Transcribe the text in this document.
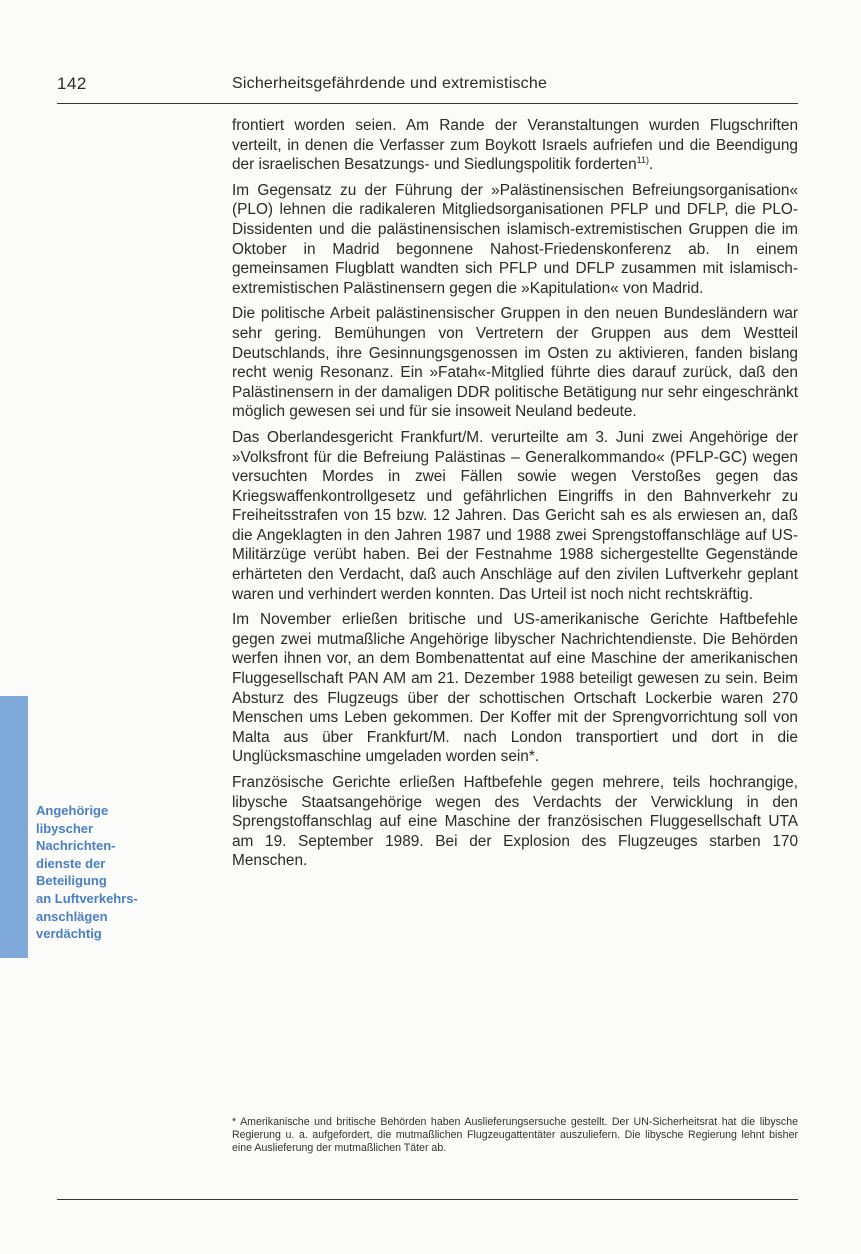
142	Sicherheitsgefährdende und extremistische
Angehörige
libyscher
Nachrichten-
dienste der
Beteiligung
an Luftverkehrs-
anschlägen
verdächtig

frontiert worden seien. Am Rande der Veranstaltungen wurden Flugschriften verteilt, in denen die Verfasser zum Boykott Israels aufriefen und die Beendigung der israelischen Besatzungs- und Siedlungspolitik forderten$^{11)}$.

Im Gegensatz zu der Führung der »Palästinensischen Befreiungsorganisation« (PLO) lehnen die radikaleren Mitgliedsorganisationen PFLP und DFLP, die PLO-Dissidenten und die palästinensischen islamisch-extremistischen Gruppen die im Oktober in Madrid begonnene Nahost-Friedenskonferenz ab. In einem gemeinsamen Flugblatt wandten sich PFLP und DFLP zusammen mit islamisch-extremistischen Palästinensern gegen die »Kapitulation« von Madrid.

Die politische Arbeit palästinensischer Gruppen in den neuen Bundesländern war sehr gering. Bemühungen von Vertretern der Gruppen aus dem Westteil Deutschlands, ihre Gesinnungsgenossen im Osten zu aktivieren, fanden bislang recht wenig Resonanz. Ein »Fatah«-Mitglied führte dies darauf zurück, daß den Palästinensern in der damaligen DDR politische Betätigung nur sehr eingeschränkt möglich gewesen sei und für sie insoweit Neuland bedeute.

Das Oberlandesgericht Frankfurt/M. verurteilte am 3. Juni zwei Angehörige der »Volksfront für die Befreiung Palästinas – Generalkommando« (PFLP-GC) wegen versuchten Mordes in zwei Fällen sowie wegen Verstoßes gegen das Kriegswaffenkontrollgesetz und gefährlichen Eingriffs in den Bahnverkehr zu Freiheitsstrafen von 15 bzw. 12 Jahren. Das Gericht sah es als erwiesen an, daß die Angeklagten in den Jahren 1987 und 1988 zwei Sprengstoffanschläge auf US-Militärzüge verübt haben. Bei der Festnahme 1988 sichergestellte Gegenstände erhärteten den Verdacht, daß auch Anschläge auf den zivilen Luftverkehr geplant waren und verhindert werden konnten. Das Urteil ist noch nicht rechtskräftig.

Im November erließen britische und US-amerikanische Gerichte Haftbefehle gegen zwei mutmaßliche Angehörige libyscher Nachrichtendienste. Die Behörden werfen ihnen vor, an dem Bombenattentat auf eine Maschine der amerikanischen Fluggesellschaft PAN AM am 21. Dezember 1988 beteiligt gewesen zu sein. Beim Absturz des Flugzeugs über der schottischen Ortschaft Lockerbie waren 270 Menschen ums Leben gekommen. Der Koffer mit der Sprengvorrichtung soll von Malta aus über Frankfurt/M. nach London transportiert und dort in die Unglücksmaschine umgeladen worden sein*.

Französische Gerichte erließen Haftbefehle gegen mehrere, teils hochrangige, libysche Staatsangehörige wegen des Verdachts der Verwicklung in den Sprengstoffanschlag auf eine Maschine der französischen Fluggesellschaft UTA am 19. September 1989. Bei der Explosion des Flugzeuges starben 170 Menschen.

* Amerikanische und britische Behörden haben Auslieferungsersuche gestellt. Der UN-Sicherheitsrat hat die libysche Regierung u. a. aufgefordert, die mutmaßlichen Flugzeugattentäter auszuliefern. Die libysche Regierung lehnt bisher eine Auslieferung der mutmaßlichen Täter ab.
